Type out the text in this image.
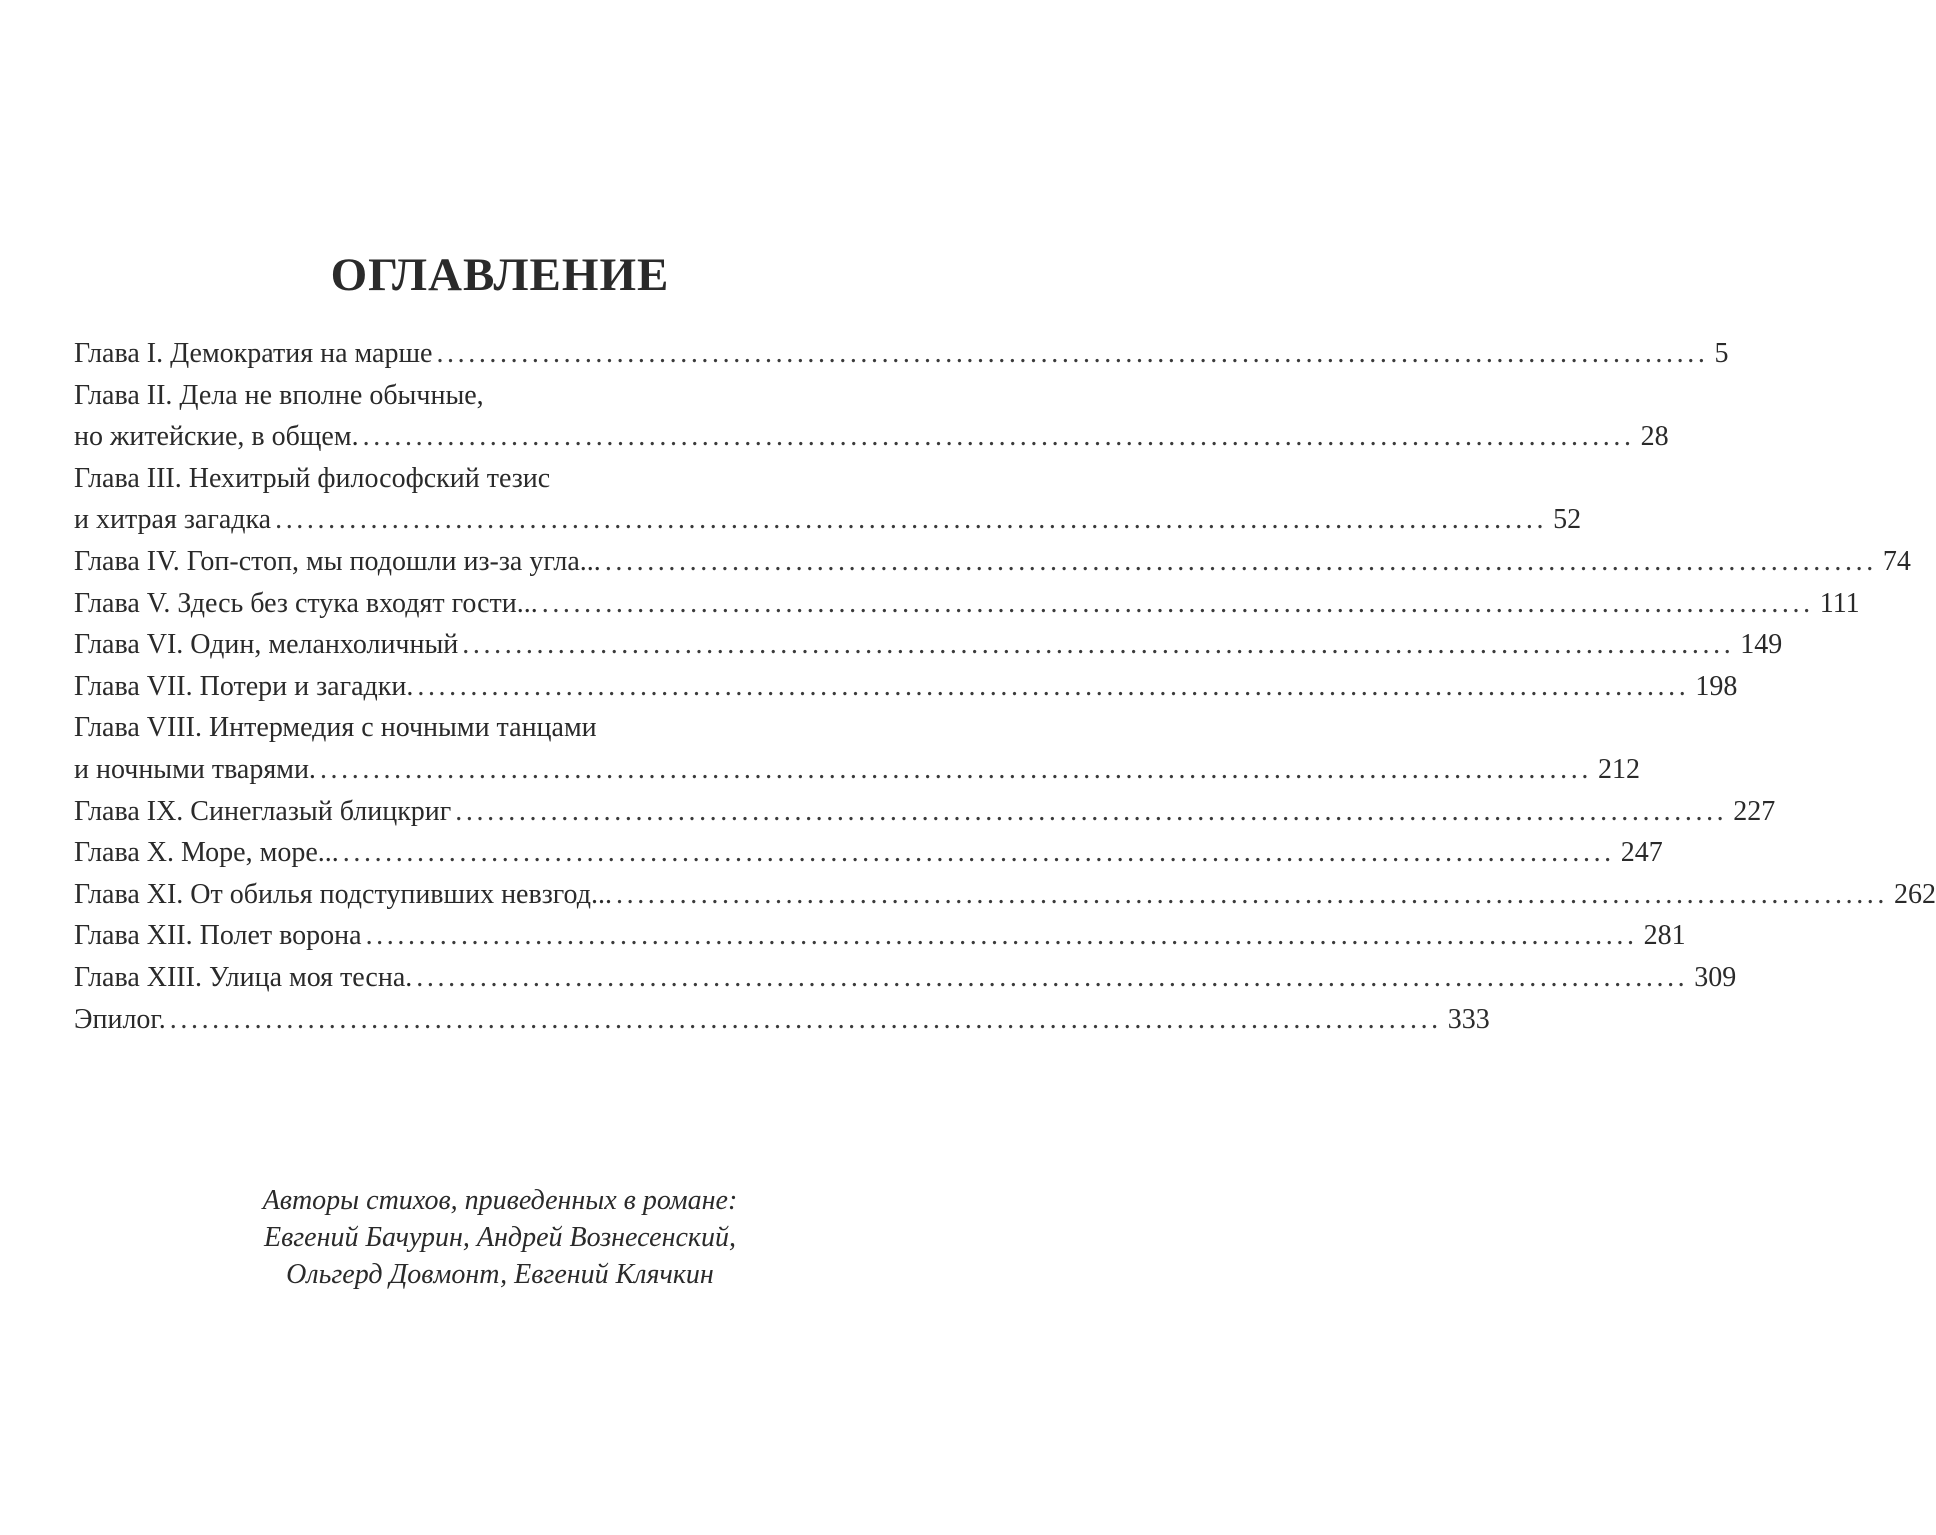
ОГЛАВЛЕНИЕ
Глава I. Демократия на марше ........................................................................................................................ 5
Глава II. Дела не вполне обычные,
но житейские, в общем. ........................................................................................................................ 28
Глава III. Нехитрый философский тезис
и хитрая загадка ........................................................................................................................ 52
Глава IV. Гоп-стоп, мы подошли из-за угла... ........................................................................................................................ 74
Глава V. Здесь без стука входят гости... ........................................................................................................................ 111
Глава VI. Один, меланхоличный ........................................................................................................................ 149
Глава VII. Потери и загадки. ........................................................................................................................ 198
Глава VIII. Интермедия с ночными танцами
и ночными тварями. ........................................................................................................................ 212
Глава IX. Синеглазый блицкриг ........................................................................................................................ 227
Глава X. Море, море... ........................................................................................................................ 247
Глава XI. От обилья подступивших невзгод... ........................................................................................................................ 262
Глава XII. Полет ворона ........................................................................................................................ 281
Глава XIII. Улица моя тесна. ........................................................................................................................ 309
Эпилог. ........................................................................................................................ 333
Авторы стихов, приведенных в романе:
Евгений Бачурин, Андрей Вознесенский,
Ольгерд Довмонт, Евгений Клячкин
